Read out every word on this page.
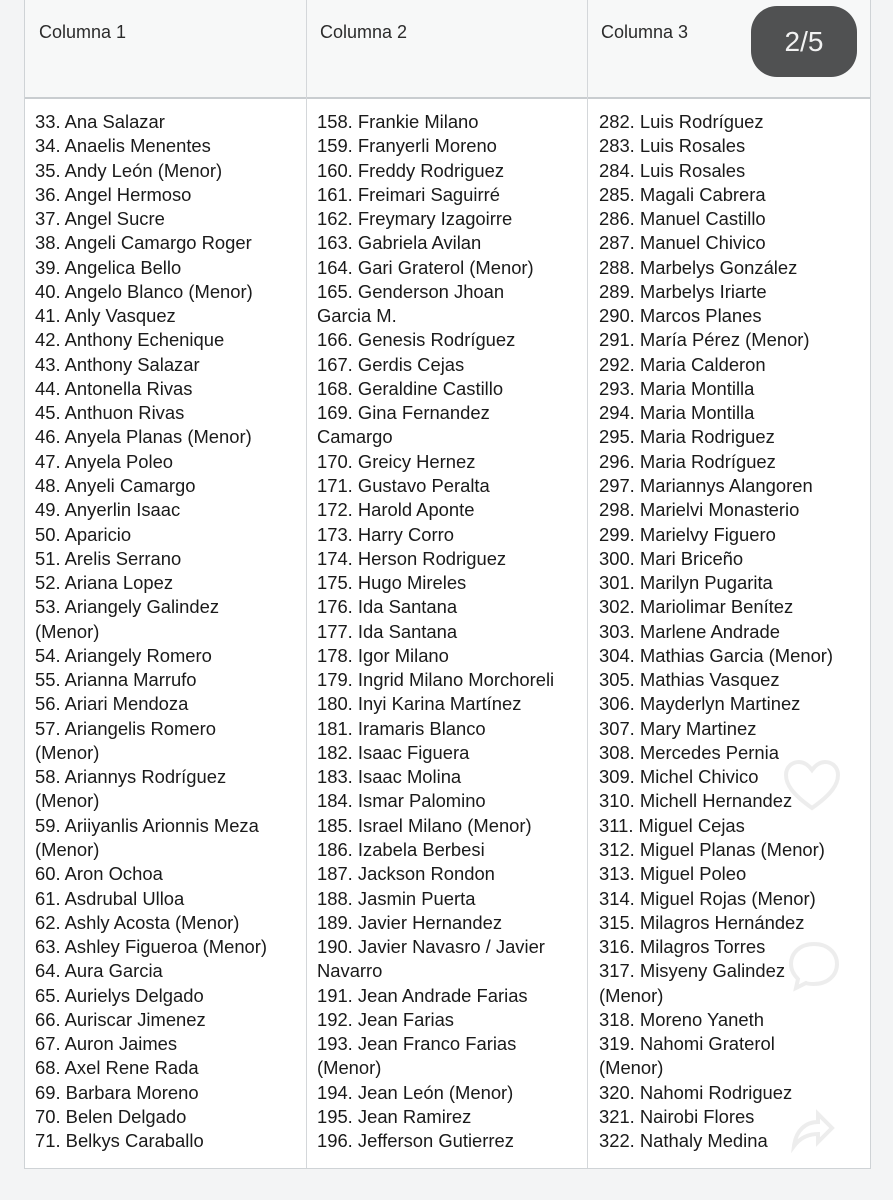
Columna 1	Columna 2	Columna 3
33. Ana Salazar
34. Anaelis Menentes
35. Andy León (Menor)
36. Angel Hermoso
37. Angel Sucre
38. Angeli Camargo Roger
39. Angelica Bello
40. Angelo Blanco (Menor)
41. Anly Vasquez
42. Anthony Echenique
43. Anthony Salazar
44. Antonella Rivas
45. Anthuon Rivas
46. Anyela Planas (Menor)
47. Anyela Poleo
48. Anyeli Camargo
49. Anyerlin Isaac
50. Aparicio
51. Arelis Serrano
52. Ariana Lopez
53. Ariangely Galindez
(Menor)
54. Ariangely Romero
55. Arianna Marrufo
56. Ariari Mendoza
57. Ariangelis Romero
(Menor)
58. Ariannys Rodríguez
(Menor)
59. Ariiyanlis Arionnis Meza
(Menor)
60. Aron Ochoa
61. Asdrubal Ulloa
62. Ashly Acosta (Menor)
63. Ashley Figueroa (Menor)
64. Aura Garcia
65. Aurielys Delgado
66. Auriscar Jimenez
67. Auron Jaimes
68. Axel Rene Rada
69. Barbara Moreno
70. Belen Delgado
71. Belkys Caraballo
158. Frankie Milano
159. Franyerli Moreno
160. Freddy Rodriguez
161. Freimari Saguirré
162. Freymary Izagoirre
163. Gabriela Avilan
164. Gari Graterol (Menor)
165. Genderson Jhoan
Garcia M.
166. Genesis Rodríguez
167. Gerdis Cejas
168. Geraldine Castillo
169. Gina Fernandez
Camargo
170. Greicy Hernez
171. Gustavo Peralta
172. Harold Aponte
173. Harry Corro
174. Herson Rodriguez
175. Hugo Mireles
176. Ida Santana
177. Ida Santana
178. Igor Milano
179. Ingrid Milano Morchoreli
180. Inyi Karina Martínez
181. Iramaris Blanco
182. Isaac Figuera
183. Isaac Molina
184. Ismar Palomino
185. Israel Milano (Menor)
186. Izabela Berbesi
187. Jackson Rondon
188. Jasmin Puerta
189. Javier Hernandez
190. Javier Navasro / Javier
Navarro
191. Jean Andrade Farias
192. Jean Farias
193. Jean Franco Farias
(Menor)
194. Jean León (Menor)
195. Jean Ramirez
196. Jefferson Gutierrez
282. Luis Rodríguez
283. Luis Rosales
284. Luis Rosales
285. Magali Cabrera
286. Manuel Castillo
287. Manuel Chivico
288. Marbelys González
289. Marbelys Iriarte
290. Marcos Planes
291. María Pérez (Menor)
292. Maria Calderon
293. Maria Montilla
294. Maria Montilla
295. Maria Rodriguez
296. Maria Rodríguez
297. Mariannys Alangoren
298. Marielvi Monasterio
299. Marielvy Figuero
300. Mari Briceño
301. Marilyn Pugarita
302. Mariolimar Benítez
303. Marlene Andrade
304. Mathias Garcia (Menor)
305. Mathias Vasquez
306. Mayderlyn Martinez
307. Mary Martinez
308. Mercedes Pernia
309. Michel Chivico
310. Michell Hernandez
311. Miguel Cejas
312. Miguel Planas (Menor)
313. Miguel Poleo
314. Miguel Rojas (Menor)
315. Milagros Hernández
316. Milagros Torres
317. Misyeny Galindez
(Menor)
318. Moreno Yaneth
319. Nahomi Graterol
(Menor)
320. Nahomi Rodriguez
321. Nairobi Flores
322. Nathaly Medina
2/5
